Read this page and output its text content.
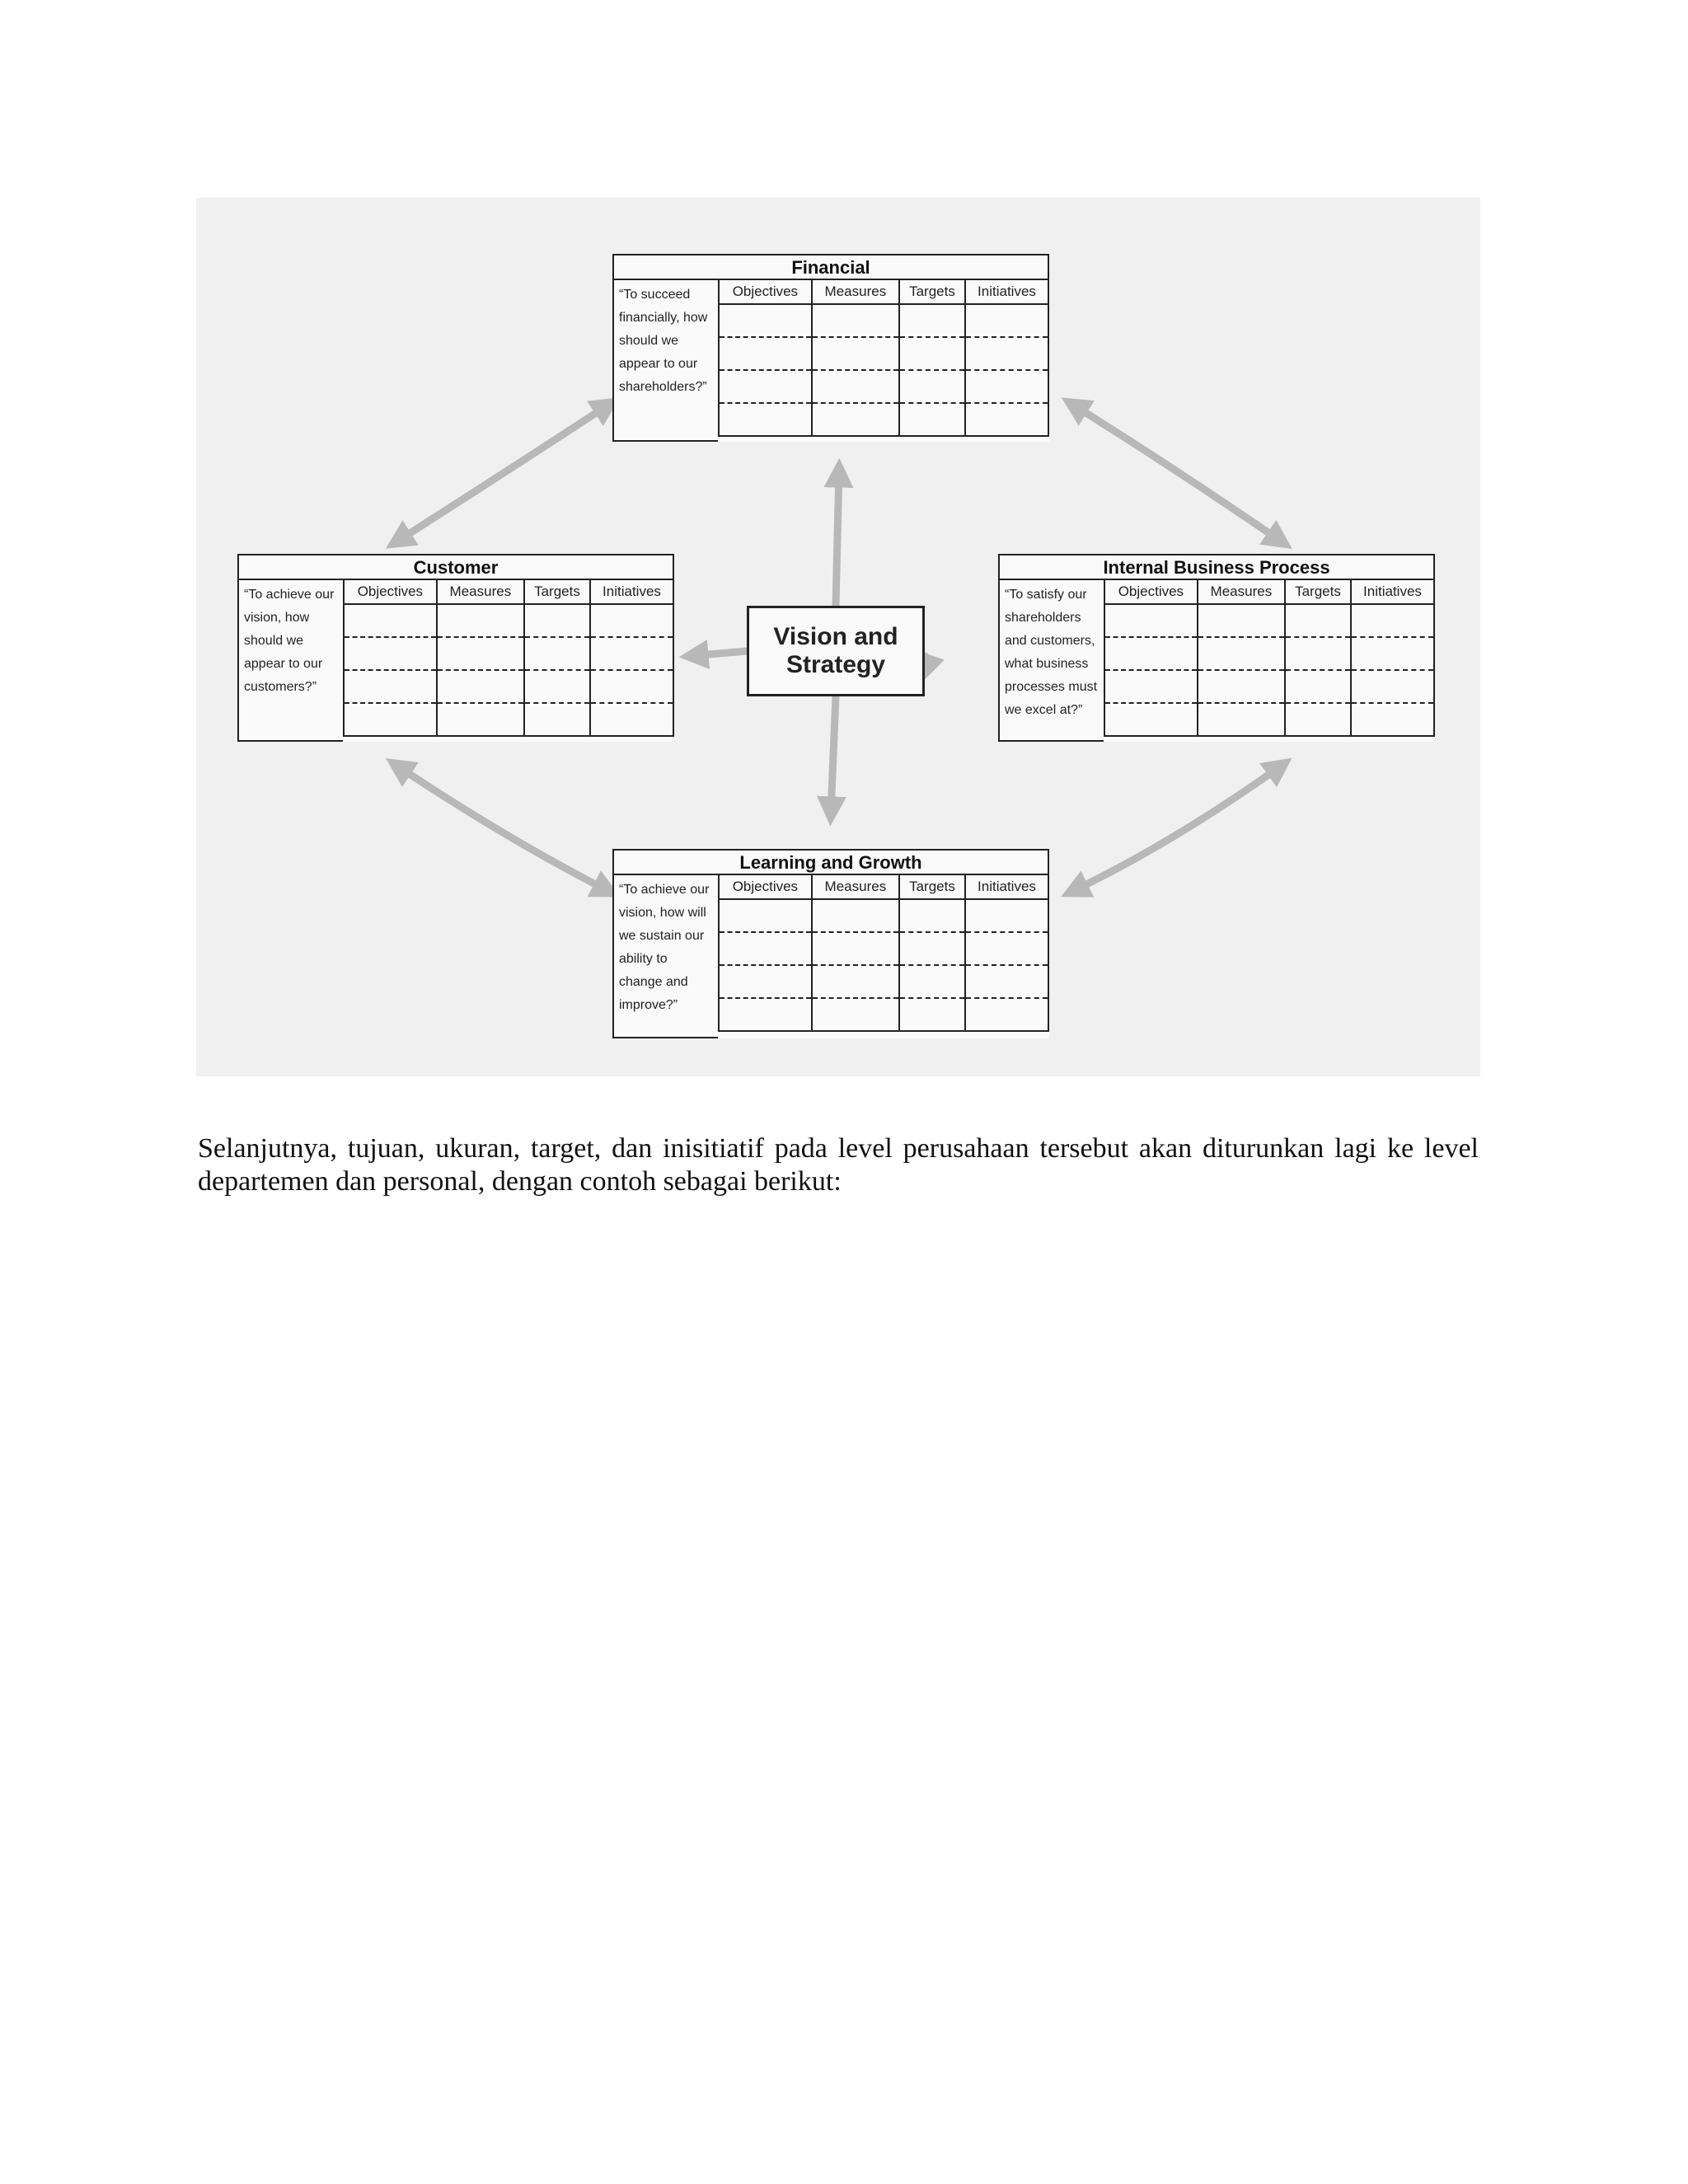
Financial
“To succeed financially, how should we appear to our shareholders?”
Objectives	Measures	Targets	Initiatives

Customer
“To achieve our vision, how should we appear to our customers?”
Objectives	Measures	Targets	Initiatives

Internal Business Process
“To satisfy our shareholders and customers, what business processes must we excel at?”
Objectives	Measures	Targets	Initiatives

Learning and Growth
“To achieve our vision, how will we sustain our ability to change and improve?”
Objectives	Measures	Targets	Initiatives

Vision and
Strategy

Selanjutnya, tujuan, ukuran, target, dan inisitiatif pada level perusahaan tersebut akan diturunkan lagi ke level departemen dan personal, dengan contoh sebagai berikut:
